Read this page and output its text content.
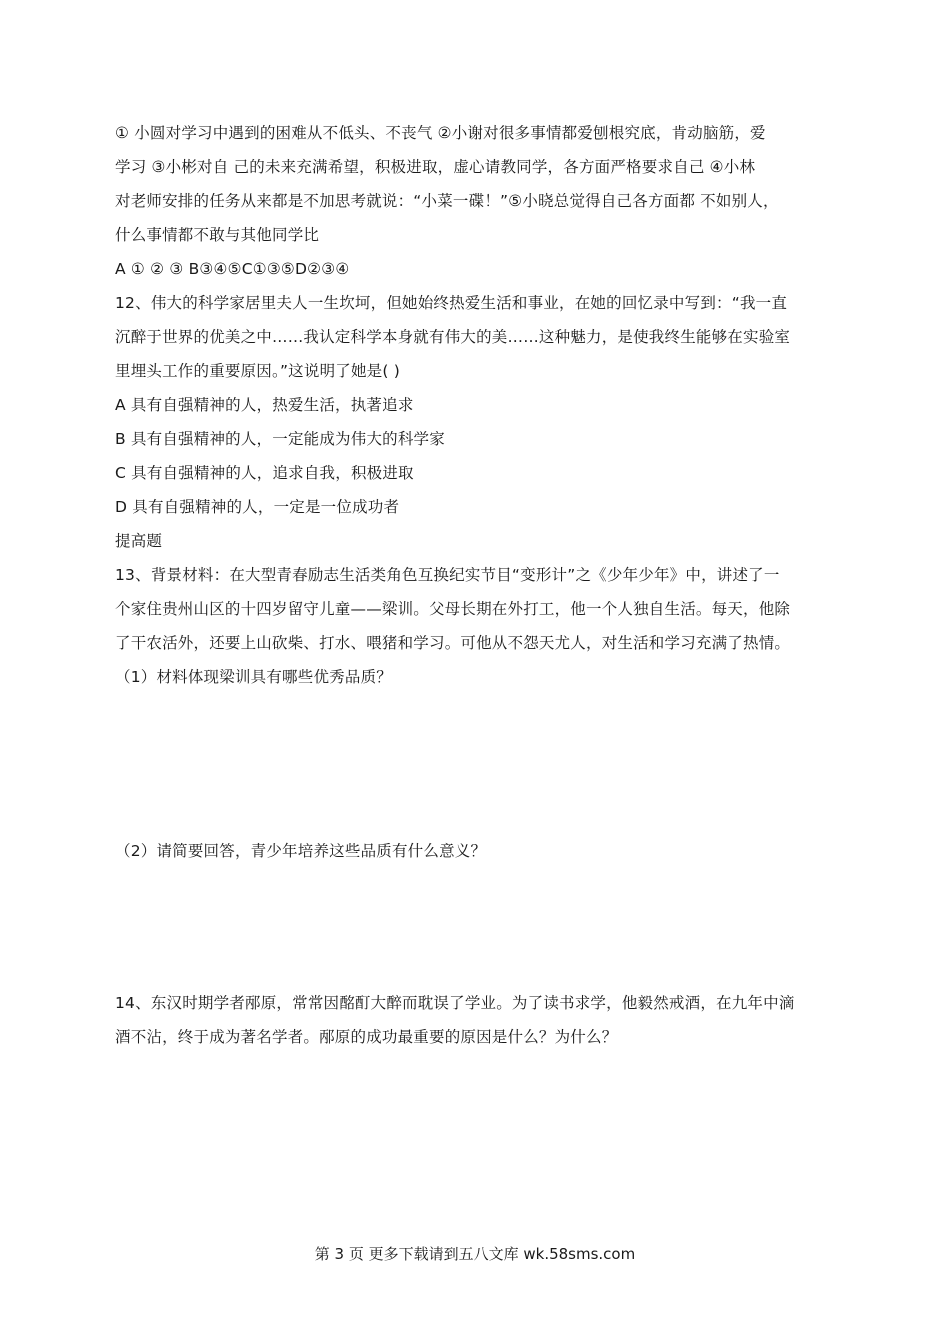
① 小圆对学习中遇到的困难从不低头、不丧气 ②小谢对很多事情都爱刨根究底，肯动脑筋，爱
学习 ③小彬对自 己的未来充满希望，积极进取，虚心请教同学，各方面严格要求自己 ④小林
对老师安排的任务从来都是不加思考就说：“小菜一碟！”⑤小晓总觉得自己各方面都 不如别人，
什么事情都不敢与其他同学比
A ① ② ③ B③④⑤C①③⑤D②③④
12、伟大的科学家居里夫人一生坎坷，但她始终热爱生活和事业，在她的回忆录中写到：“我一直
沉醉于世界的优美之中……我认定科学本身就有伟大的美……这种魅力，是使我终生能够在实验室
里埋头工作的重要原因。”这说明了她是( )
A 具有自强精神的人，热爱生活，执著追求
B 具有自强精神的人，一定能成为伟大的科学家
C 具有自强精神的人，追求自我，积极进取
D 具有自强精神的人，一定是一位成功者
提高题
13、背景材料：在大型青春励志生活类角色互换纪实节目“变形计”之《少年少年》中，讲述了一
个家住贵州山区的十四岁留守儿童——梁训。父母长期在外打工，他一个人独自生活。每天，他除
了干农活外，还要上山砍柴、打水、喂猪和学习。可他从不怨天尤人，对生活和学习充满了热情。
（1）材料体现梁训具有哪些优秀品质？
（2）请简要回答，青少年培养这些品质有什么意义？
14、东汉时期学者邴原，常常因酩酊大醉而耽误了学业。为了读书求学，他毅然戒酒，在九年中滴
酒不沾，终于成为著名学者。邴原的成功最重要的原因是什么？为什么？
第 3 页 更多下载请到五八文库 wk.58sms.com
